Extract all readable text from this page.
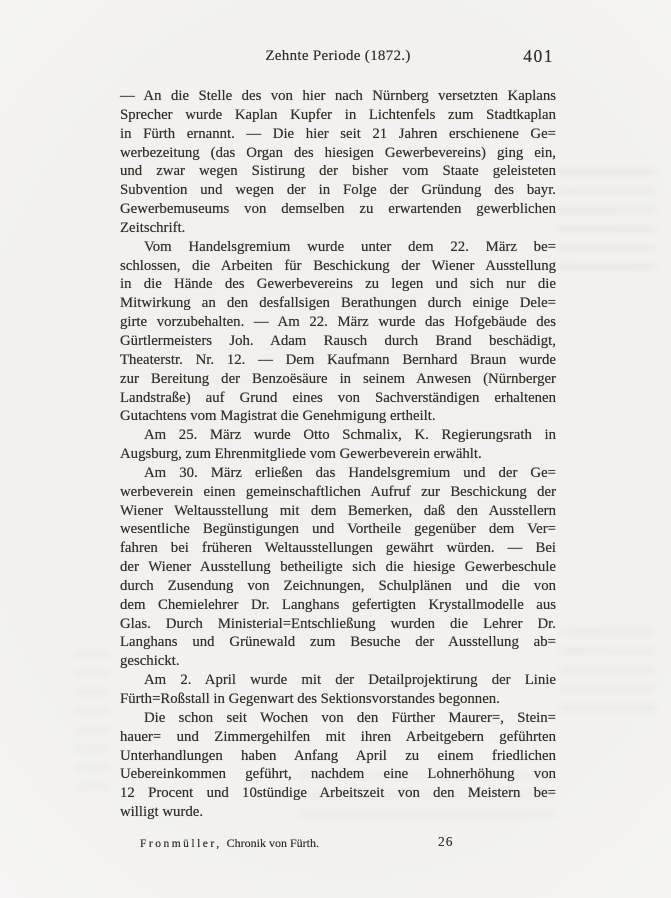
Zehnte Periode (1872.)	401
— An die Stelle des von hier nach Nürnberg versetzten Kaplans
Sprecher wurde Kaplan Kupfer in Lichtenfels zum Stadtkaplan
in Fürth ernannt. — Die hier seit 21 Jahren erschienene Ge=
werbezeitung (das Organ des hiesigen Gewerbevereins) ging ein,
und zwar wegen Sistirung der bisher vom Staate geleisteten
Subvention und wegen der in Folge der Gründung des bayr.
Gewerbemuseums von demselben zu erwartenden gewerblichen
Zeitschrift.
Vom Handelsgremium wurde unter dem 22. März be=
schlossen, die Arbeiten für Beschickung der Wiener Ausstellung
in die Hände des Gewerbevereins zu legen und sich nur die
Mitwirkung an den desfallsigen Berathungen durch einige Dele=
girte vorzubehalten. — Am 22. März wurde das Hofgebäude des
Gürtlermeisters Joh. Adam Rausch durch Brand beschädigt,
Theaterstr. Nr. 12. — Dem Kaufmann Bernhard Braun wurde
zur Bereitung der Benzoësäure in seinem Anwesen (Nürnberger
Landstraße) auf Grund eines von Sachverständigen erhaltenen
Gutachtens vom Magistrat die Genehmigung ertheilt.
Am 25. März wurde Otto Schmalix, K. Regierungsrath in
Augsburg, zum Ehrenmitgliede vom Gewerbeverein erwählt.
Am 30. März erließen das Handelsgremium und der Ge=
werbeverein einen gemeinschaftlichen Aufruf zur Beschickung der
Wiener Weltausstellung mit dem Bemerken, daß den Ausstellern
wesentliche Begünstigungen und Vortheile gegenüber dem Ver=
fahren bei früheren Weltausstellungen gewährt würden. — Bei
der Wiener Ausstellung betheiligte sich die hiesige Gewerbeschule
durch Zusendung von Zeichnungen, Schulplänen und die von
dem Chemielehrer Dr. Langhans gefertigten Krystallmodelle aus
Glas. Durch Ministerial=Entschließung wurden die Lehrer Dr.
Langhans und Grünewald zum Besuche der Ausstellung ab=
geschickt.
Am 2. April wurde mit der Detailprojektirung der Linie
Fürth=Roßstall in Gegenwart des Sektionsvorstandes begonnen.
Die schon seit Wochen von den Fürther Maurer=, Stein=
hauer= und Zimmergehilfen mit ihren Arbeitgebern geführten
Unterhandlungen haben Anfang April zu einem friedlichen
Uebereinkommen geführt, nachdem eine Lohnerhöhung von
12 Procent und 10stündige Arbeitszeit von den Meistern be=
willigt wurde.
Fronmüller, Chronik von Fürth.	26
